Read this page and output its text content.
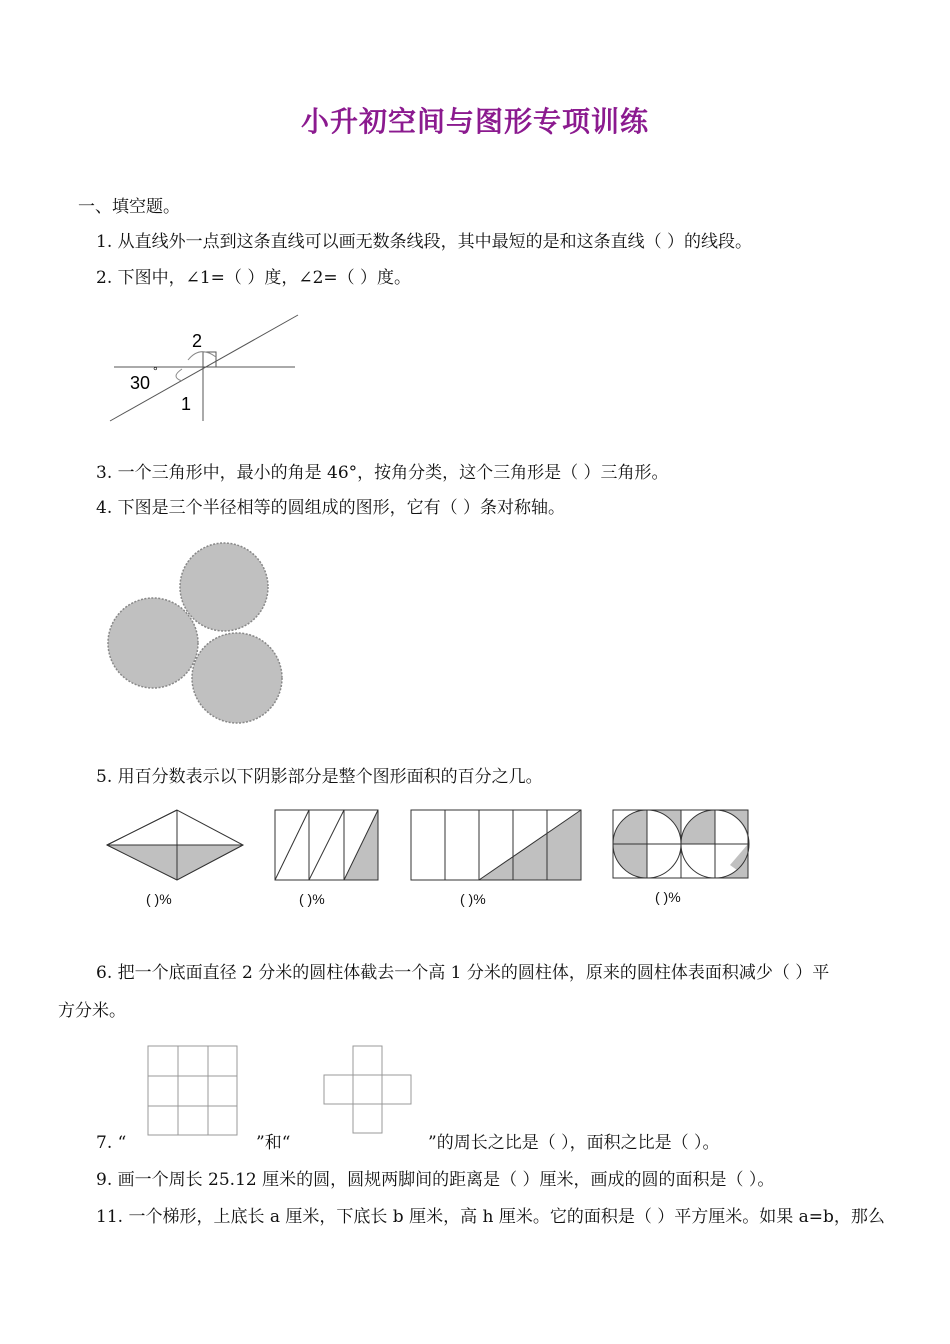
小升初空间与图形专项训练
一、填空题。
1. 从直线外一点到这条直线可以画无数条线段，其中最短的是和这条直线（ ）的线段。
2. 下图中，∠1=（ ）度，∠2=（ ）度。
30
°
2
1
3. 一个三角形中，最小的角是 46°，按角分类，这个三角形是（ ）三角形。
4. 下图是三个半径相等的圆组成的图形，它有（ ）条对称轴。
5. 用百分数表示以下阴影部分是整个图形面积的百分之几。
( )%	( )%	( )%	( )%
6. 把一个底面直径 2 分米的圆柱体截去一个高 1 分米的圆柱体，原来的圆柱体表面积减少（ ）平
方分米。
7. “	”和“	”的周长之比是（ ），面积之比是（ ）。
9. 画一个周长 25.12 厘米的圆，圆规两脚间的距离是（ ）厘米，画成的圆的面积是（ ）。
11. 一个梯形，上底长 a 厘米，下底长 b 厘米，高 h 厘米。它的面积是（ ）平方厘米。如果 a=b，那么
